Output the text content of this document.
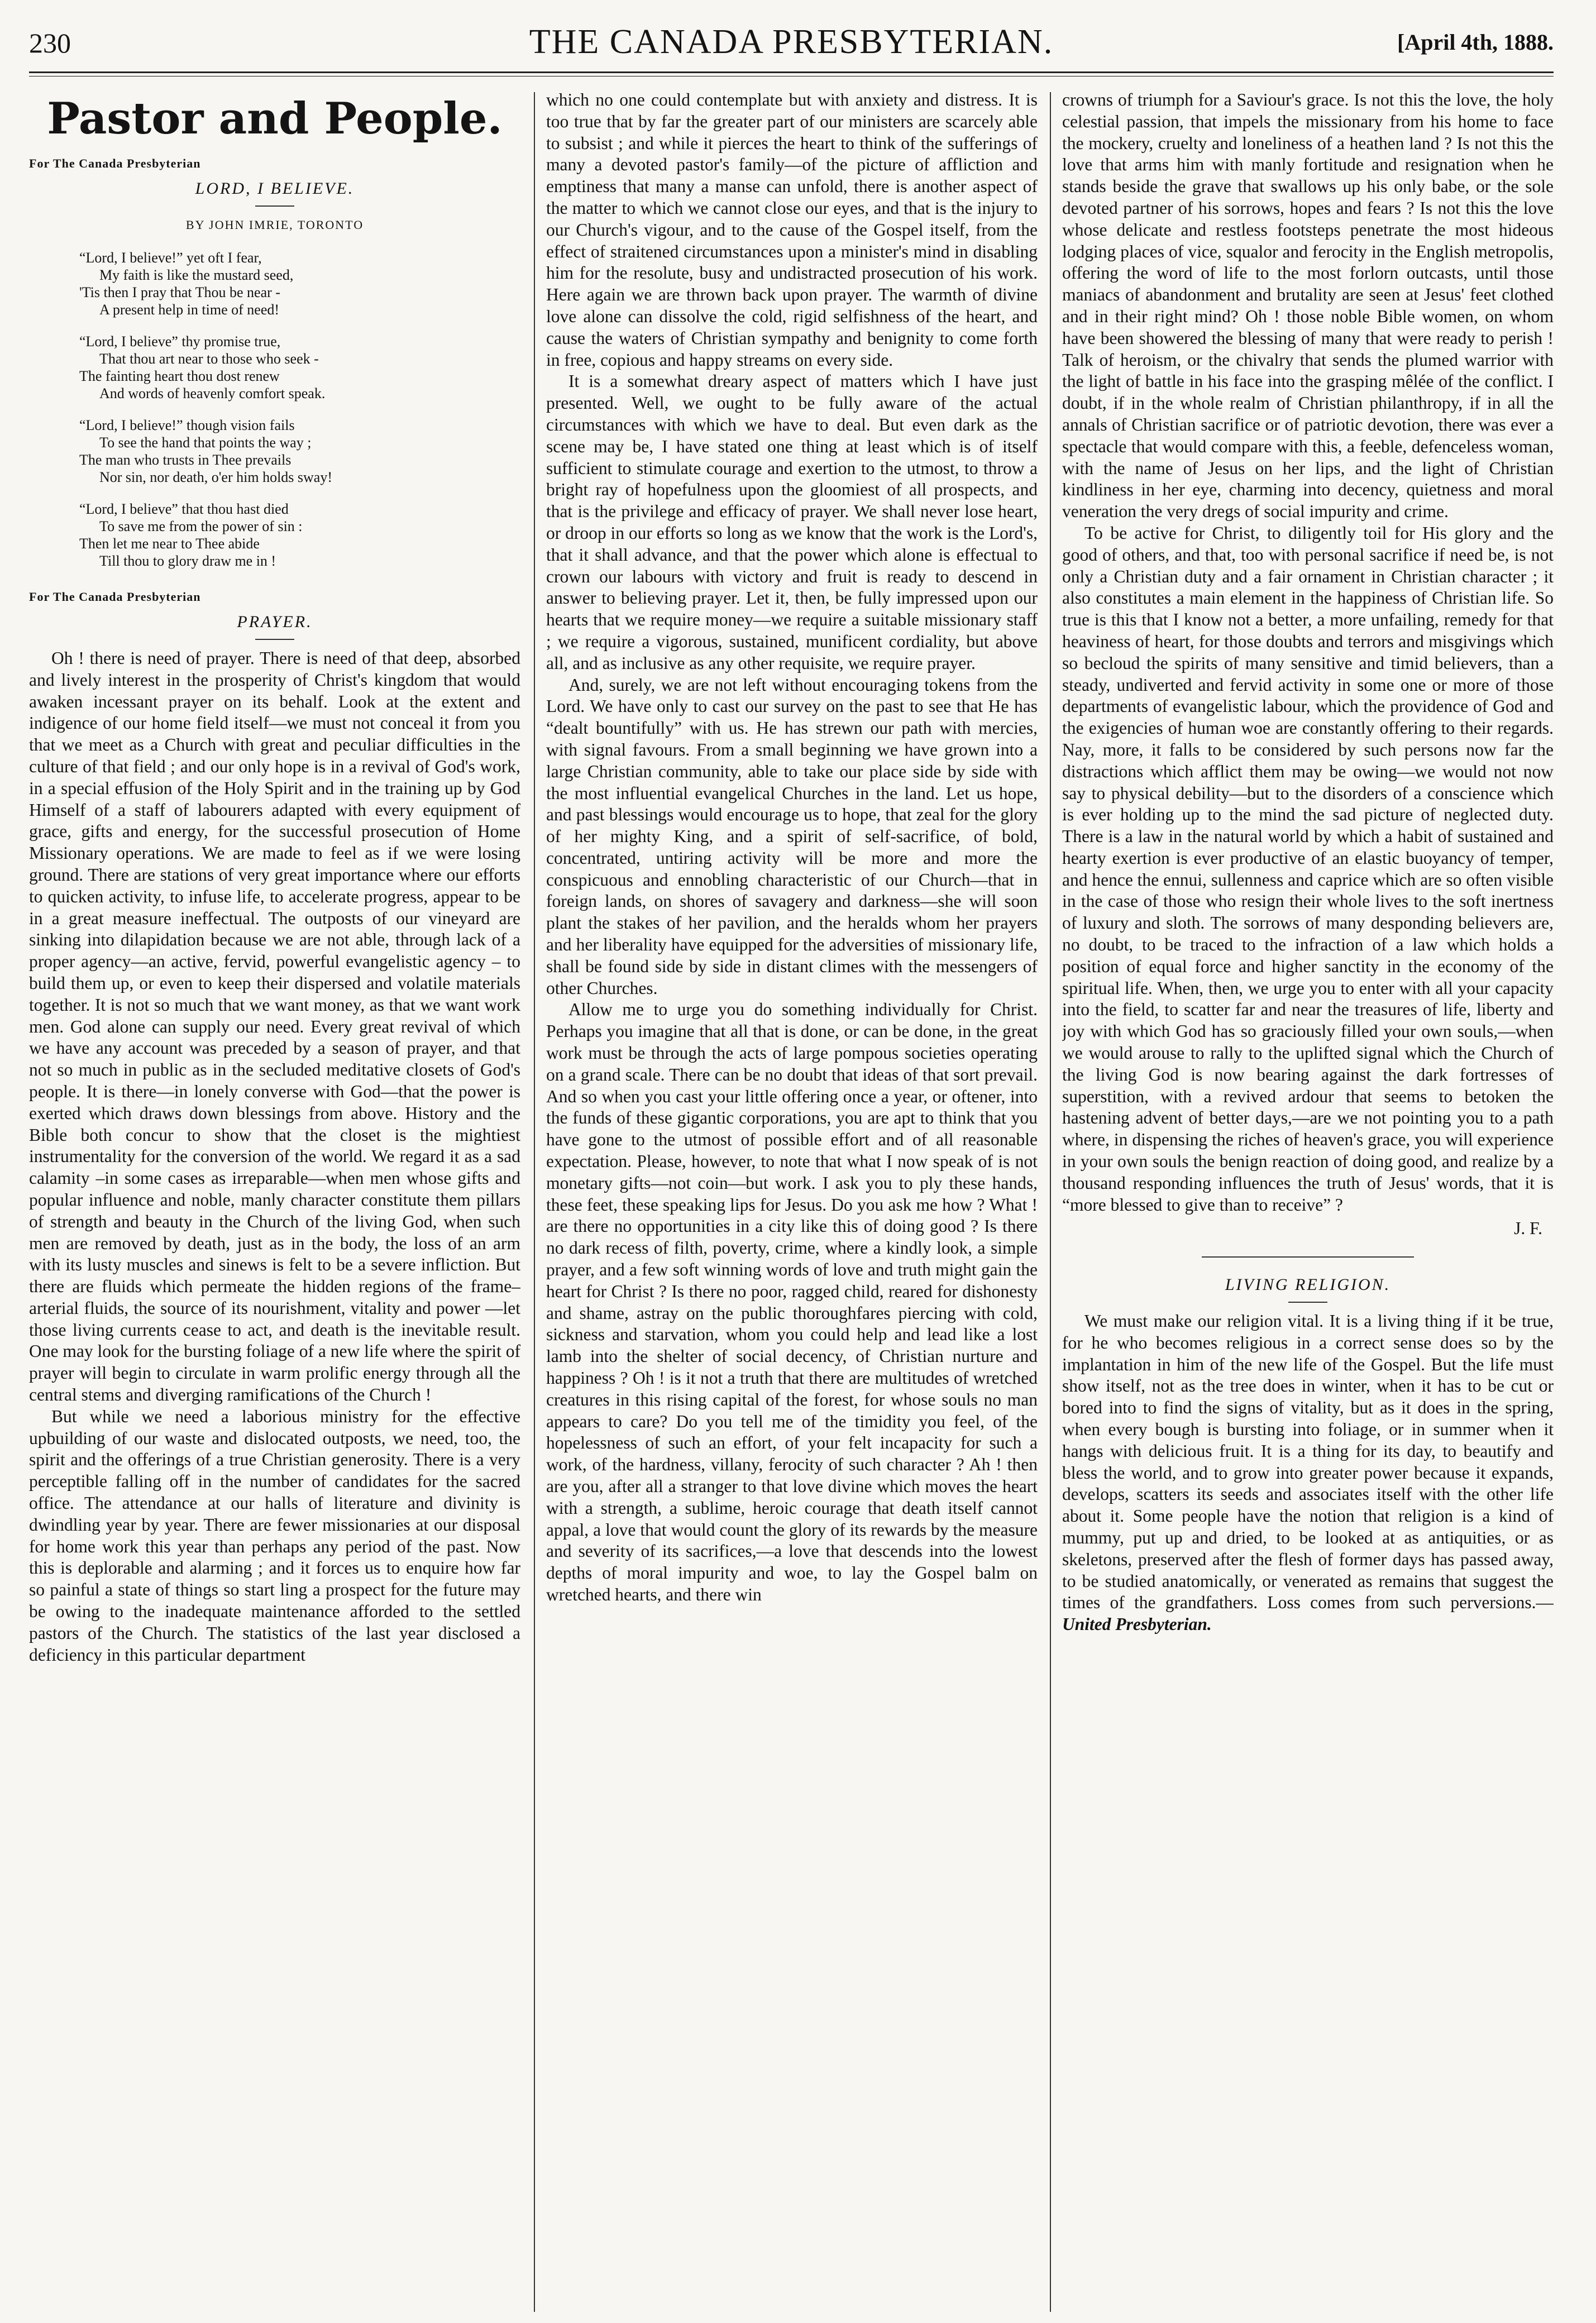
230	THE CANADA PRESBYTERIAN.	[April 4th, 1888.
Pastor and People.

For The Canada Presbyterian

LORD, I BELIEVE.
BY JOHN IMRIE, TORONTO
“Lord, I believe!” yet oft I fear,
My faith is like the mustard seed,
'Tis then I pray that Thou be near -
A present help in time of need!
“Lord, I believe” thy promise true,
That thou art near to those who seek -
The fainting heart thou dost renew
And words of heavenly comfort speak.
“Lord, I believe!” though vision fails
To see the hand that points the way ;
The man who trusts in Thee prevails
Nor sin, nor death, o'er him holds sway!
“Lord, I believe” that thou hast died
To save me from the power of sin :
Then let me near to Thee abide
Till thou to glory draw me in !

For The Canada Presbyterian

PRAYER.

Oh ! there is need of prayer. There is need of that deep, absorbed and lively interest in the prosperity of Christ's kingdom that would awaken incessant prayer on its behalf. Look at the extent and indigence of our home field itself—we must not conceal it from you that we meet as a Church with great and peculiar difficulties in the culture of that field ; and our only hope is in a revival of God's work, in a special effusion of the Holy Spirit and in the training up by God Himself of a staff of labourers adapted with every equipment of grace, gifts and energy, for the successful prosecution of Home Missionary operations. We are made to feel as if we were losing ground. There are stations of very great importance where our efforts to quicken activity, to infuse life, to accelerate progress, appear to be in a great measure ineffectual. The outposts of our vineyard are sinking into dilapidation because we are not able, through lack of a proper agency—an active, fervid, powerful evangelistic agency – to build them up, or even to keep their dispersed and volatile materials together. It is not so much that we want money, as that we want work men. God alone can supply our need. Every great revival of which we have any account was preceded by a season of prayer, and that not so much in public as in the secluded meditative closets of God's people. It is there—in lonely converse with God—that the power is exerted which draws down blessings from above. History and the Bible both concur to show that the closet is the mightiest instrumentality for the conversion of the world. We regard it as a sad calamity –in some cases as irreparable—when men whose gifts and popular influence and noble, manly character constitute them pillars of strength and beauty in the Church of the living God, when such men are removed by death, just as in the body, the loss of an arm with its lusty muscles and sinews is felt to be a severe infliction. But there are fluids which permeate the hidden regions of the frame–arterial fluids, the source of its nourishment, vitality and power —let those living currents cease to act, and death is the inevitable result. One may look for the bursting foliage of a new life where the spirit of prayer will begin to circulate in warm prolific energy through all the central stems and diverging ramifications of the Church !

But while we need a laborious ministry for the effective upbuilding of our waste and dislocated outposts, we need, too, the spirit and the offerings of a true Christian generosity. There is a very perceptible falling off in the number of candidates for the sacred office. The attendance at our halls of literature and divinity is dwindling year by year. There are fewer missionaries at our disposal for home work this year than perhaps any period of the past. Now this is deplorable and alarming ; and it forces us to enquire how far so painful a state of things so start ling a prospect for the future may be owing to the inadequate maintenance afforded to the settled pastors of the Church. The statistics of the last year disclosed a deficiency in this particular department

which no one could contemplate but with anxiety and distress. It is too true that by far the greater part of our ministers are scarcely able to subsist ; and while it pierces the heart to think of the sufferings of many a devoted pastor's family—of the picture of affliction and emptiness that many a manse can unfold, there is another aspect of the matter to which we cannot close our eyes, and that is the injury to our Church's vigour, and to the cause of the Gospel itself, from the effect of straitened circumstances upon a minister's mind in disabling him for the resolute, busy and undistracted prosecution of his work. Here again we are thrown back upon prayer. The warmth of divine love alone can dissolve the cold, rigid selfishness of the heart, and cause the waters of Christian sympathy and benignity to come forth in free, copious and happy streams on every side.

It is a somewhat dreary aspect of matters which I have just presented. Well, we ought to be fully aware of the actual circumstances with which we have to deal. But even dark as the scene may be, I have stated one thing at least which is of itself sufficient to stimulate courage and exertion to the utmost, to throw a bright ray of hopefulness upon the gloomiest of all prospects, and that is the privilege and efficacy of prayer. We shall never lose heart, or droop in our efforts so long as we know that the work is the Lord's, that it shall advance, and that the power which alone is effectual to crown our labours with victory and fruit is ready to descend in answer to believing prayer. Let it, then, be fully impressed upon our hearts that we require money—we require a suitable missionary staff ; we require a vigorous, sustained, munificent cordiality, but above all, and as inclusive as any other requisite, we require prayer.

And, surely, we are not left without encouraging tokens from the Lord. We have only to cast our survey on the past to see that He has “dealt bountifully” with us. He has strewn our path with mercies, with signal favours. From a small beginning we have grown into a large Christian community, able to take our place side by side with the most influential evangelical Churches in the land. Let us hope, and past blessings would encourage us to hope, that zeal for the glory of her mighty King, and a spirit of self-sacrifice, of bold, concentrated, untiring activity will be more and more the conspicuous and ennobling characteristic of our Church—that in foreign lands, on shores of savagery and darkness—she will soon plant the stakes of her pavilion, and the heralds whom her prayers and her liberality have equipped for the adversities of missionary life, shall be found side by side in distant climes with the messengers of other Churches.

Allow me to urge you do something individually for Christ. Perhaps you imagine that all that is done, or can be done, in the great work must be through the acts of large pompous societies operating on a grand scale. There can be no doubt that ideas of that sort prevail. And so when you cast your little offering once a year, or oftener, into the funds of these gigantic corporations, you are apt to think that you have gone to the utmost of possible effort and of all reasonable expectation. Please, however, to note that what I now speak of is not monetary gifts—not coin—but work. I ask you to ply these hands, these feet, these speaking lips for Jesus. Do you ask me how ? What ! are there no opportunities in a city like this of doing good ? Is there no dark recess of filth, poverty, crime, where a kindly look, a simple prayer, and a few soft winning words of love and truth might gain the heart for Christ ? Is there no poor, ragged child, reared for dishonesty and shame, astray on the public thoroughfares piercing with cold, sickness and starvation, whom you could help and lead like a lost lamb into the shelter of social decency, of Christian nurture and happiness ? Oh ! is it not a truth that there are multitudes of wretched creatures in this rising capital of the forest, for whose souls no man appears to care? Do you tell me of the timidity you feel, of the hopelessness of such an effort, of your felt incapacity for such a work, of the hardness, villany, ferocity of such character ? Ah ! then are you, after all a stranger to that love divine which moves the heart with a strength, a sublime, heroic courage that death itself cannot appal, a love that would count the glory of its rewards by the measure and severity of its sacrifices,—a love that descends into the lowest depths of moral impurity and woe, to lay the Gospel balm on wretched hearts, and there win

crowns of triumph for a Saviour's grace. Is not this the love, the holy celestial passion, that impels the missionary from his home to face the mockery, cruelty and loneliness of a heathen land ? Is not this the love that arms him with manly fortitude and resignation when he stands beside the grave that swallows up his only babe, or the sole devoted partner of his sorrows, hopes and fears ? Is not this the love whose delicate and restless footsteps penetrate the most hideous lodging places of vice, squalor and ferocity in the English metropolis, offering the word of life to the most forlorn outcasts, until those maniacs of abandonment and brutality are seen at Jesus' feet clothed and in their right mind? Oh ! those noble Bible women, on whom have been showered the blessing of many that were ready to perish ! Talk of heroism, or the chivalry that sends the plumed warrior with the light of battle in his face into the grasping mêlée of the conflict. I doubt, if in the whole realm of Christian philanthropy, if in all the annals of Christian sacrifice or of patriotic devotion, there was ever a spectacle that would compare with this, a feeble, defenceless woman, with the name of Jesus on her lips, and the light of Christian kindliness in her eye, charming into decency, quietness and moral veneration the very dregs of social impurity and crime.

To be active for Christ, to diligently toil for His glory and the good of others, and that, too with personal sacrifice if need be, is not only a Christian duty and a fair ornament in Christian character ; it also constitutes a main element in the happiness of Christian life. So true is this that I know not a better, a more unfailing, remedy for that heaviness of heart, for those doubts and terrors and misgivings which so becloud the spirits of many sensitive and timid believers, than a steady, undiverted and fervid activity in some one or more of those departments of evangelistic labour, which the providence of God and the exigencies of human woe are constantly offering to their regards. Nay, more, it falls to be considered by such persons now far the distractions which afflict them may be owing—we would not now say to physical debility—but to the disorders of a conscience which is ever holding up to the mind the sad picture of neglected duty. There is a law in the natural world by which a habit of sustained and hearty exertion is ever productive of an elastic buoyancy of temper, and hence the ennui, sullenness and caprice which are so often visible in the case of those who resign their whole lives to the soft inertness of luxury and sloth. The sorrows of many desponding believers are, no doubt, to be traced to the infraction of a law which holds a position of equal force and higher sanctity in the economy of the spiritual life. When, then, we urge you to enter with all your capacity into the field, to scatter far and near the treasures of life, liberty and joy with which God has so graciously filled your own souls,—when we would arouse to rally to the uplifted signal which the Church of the living God is now bearing against the dark fortresses of superstition, with a revived ardour that seems to betoken the hastening advent of better days,—are we not pointing you to a path where, in dispensing the riches of heaven's grace, you will experience in your own souls the benign reaction of doing good, and realize by a thousand responding influences the truth of Jesus' words, that it is “more blessed to give than to receive” ?

J. F.
LIVING RELIGION.

We must make our religion vital. It is a living thing if it be true, for he who becomes religious in a correct sense does so by the implantation in him of the new life of the Gospel. But the life must show itself, not as the tree does in winter, when it has to be cut or bored into to find the signs of vitality, but as it does in the spring, when every bough is bursting into foliage, or in summer when it hangs with delicious fruit. It is a thing for its day, to beautify and bless the world, and to grow into greater power because it expands, develops, scatters its seeds and associates itself with the other life about it. Some people have the notion that religion is a kind of mummy, put up and dried, to be looked at as antiquities, or as skeletons, preserved after the flesh of former days has passed away, to be studied anatomically, or venerated as remains that suggest the times of the grandfathers. Loss comes from such perversions.—United Presbyterian.
